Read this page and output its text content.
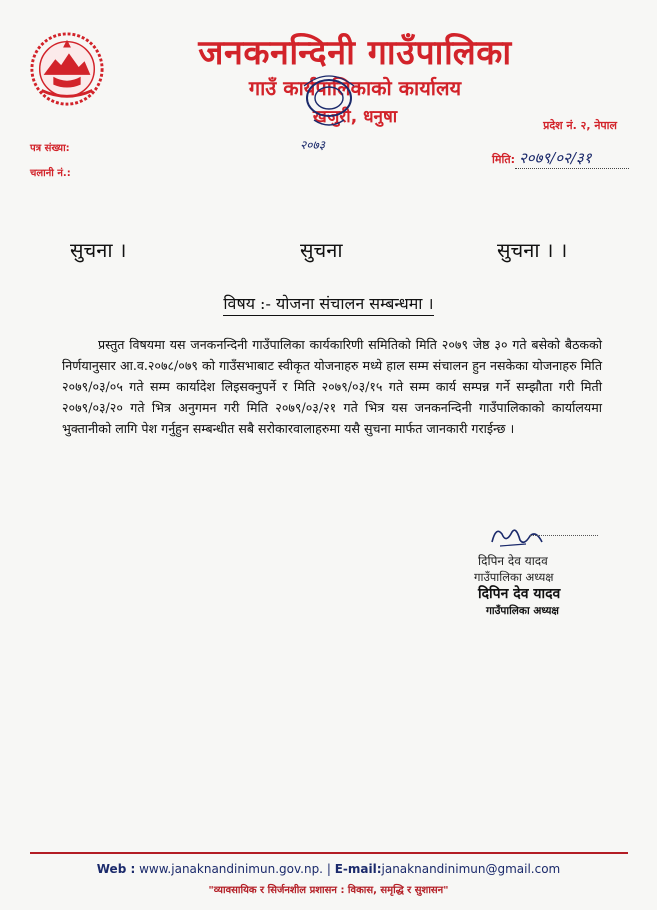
जनकनन्दिनी गाउँपालिका
गाउँ कार्यपालिकाको कार्यालय
खजुरी, धनुषा
२०७३
प्रदेश नं. २, नेपाल
पत्र संख्या:
चलानी नं.:
मिति: २०७९/०२/३१
सुचना ।	सुचना	सुचना । ।
विषय :- योजना संचालन सम्बन्धमा ।
प्रस्तुत विषयमा यस जनकनन्दिनी गाउँपालिका कार्यकारिणी समितिको मिति २०७९ जेष्ठ ३० गते बसेको बैठकको निर्णयानुसार आ.व.२०७८/०७९ को गाउँसभाबाट स्वीकृत योजनाहरु मध्ये हाल सम्म संचालन हुन नसकेका योजनाहरु मिति २०७९/०३/०५ गते सम्म कार्यादेश लिइसक्नुपर्ने र मिति २०७९/०३/१५ गते सम्म कार्य सम्पन्न गर्ने सम्झौता गरी मिती २०७९/०३/२० गते भित्र अनुगमन गरी मिति २०७९/०३/२१ गते भित्र यस जनकनन्दिनी गाउँपालिकाको कार्यालयमा भुक्तानीको लागि पेश गर्नुहुन सम्बन्धीत सबै सरोकारवालाहरुमा यसै सुचना मार्फत जानकारी गराईन्छ ।
दिपिन देव यादव
गाउँपालिका अध्यक्ष
दिपिन देव यादव
गाउँपालिका अध्यक्ष
Web : www.janaknandinimun.gov.np. | E-mail:janaknandinimun@gmail.com
"व्यावसायिक र सिर्जनशील प्रशासन : विकास, समृद्धि र सुशासन"
